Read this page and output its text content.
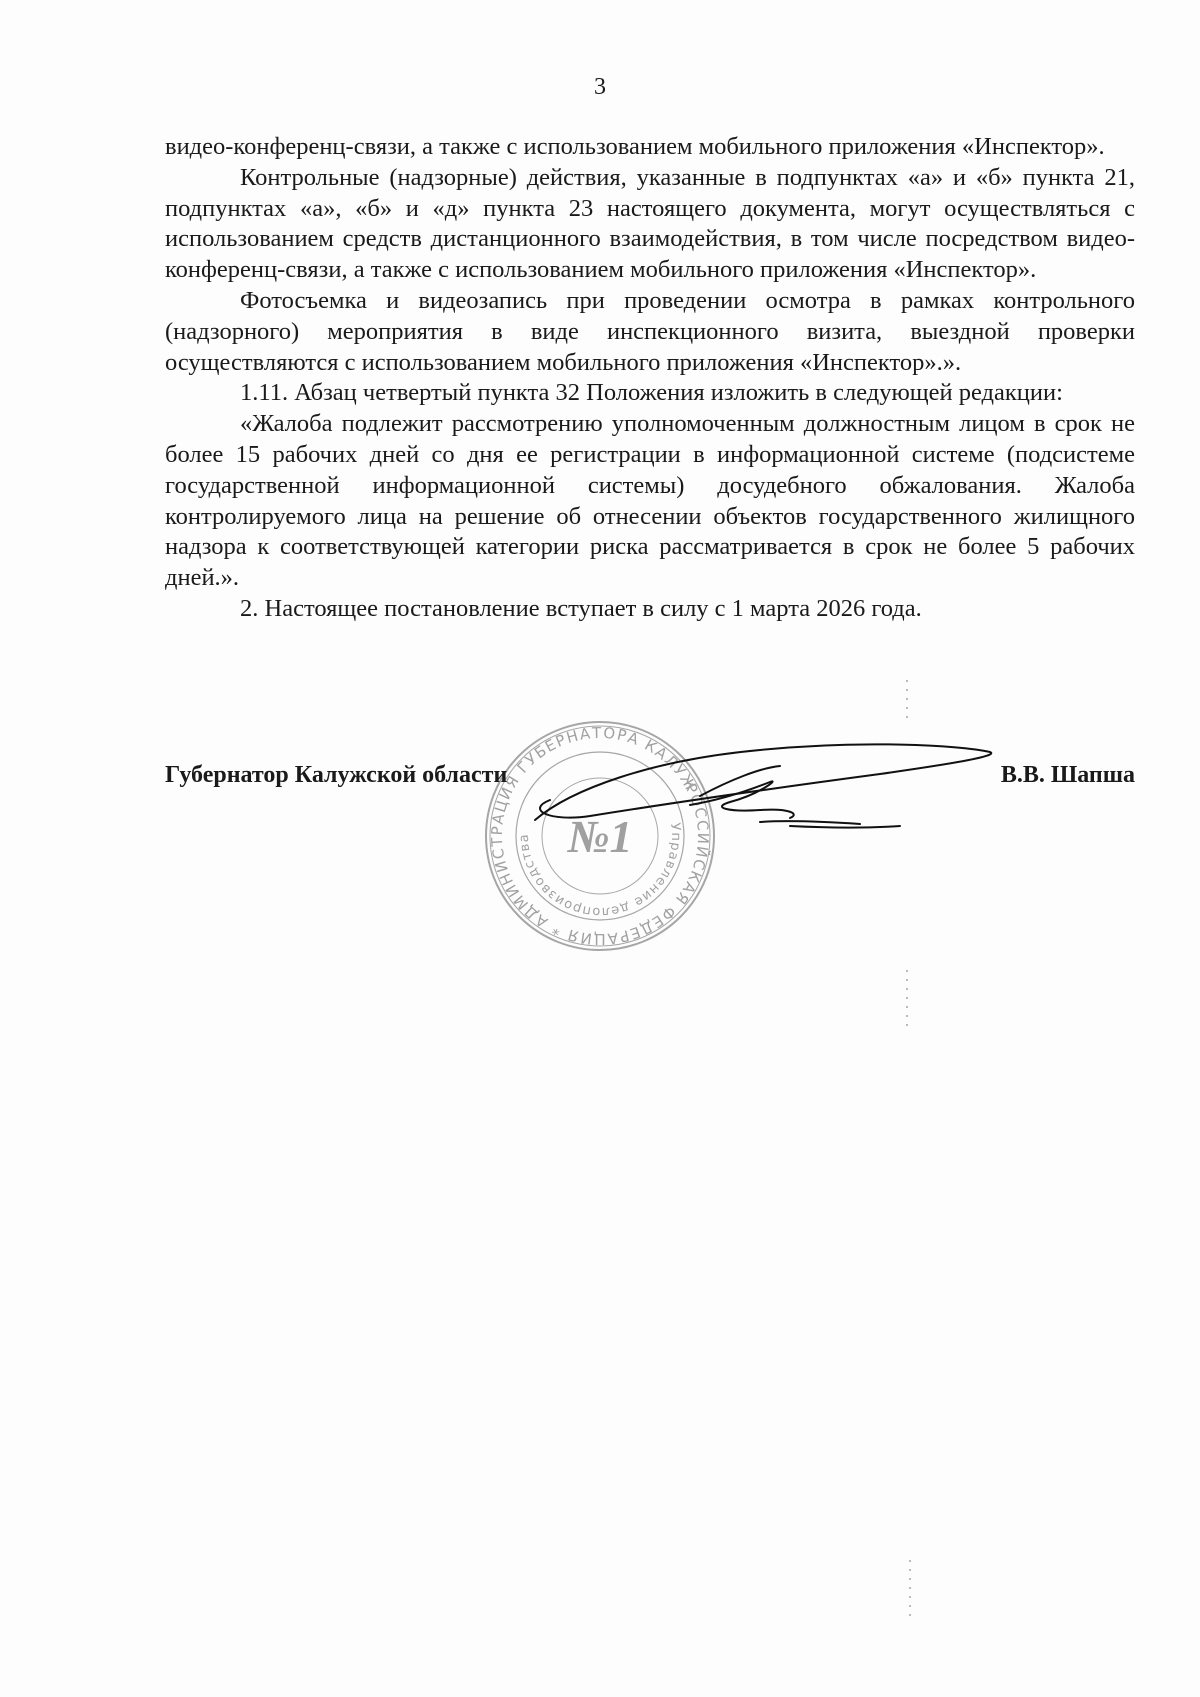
3

видео-конференц-связи, а также с использованием мобильного приложения «Инспектор».

Контрольные (надзорные) действия, указанные в подпунктах «а» и «б» пункта 21, подпунктах «а», «б» и «д» пункта 23 настоящего документа, могут осуществляться с использованием средств дистанционного взаимодействия, в том числе посредством видео-конференц-связи, а также с использованием мобильного приложения «Инспектор».

Фотосъемка и видеозапись при проведении осмотра в рамках контрольного (надзорного) мероприятия в виде инспекционного визита, выездной проверки осуществляются с использованием мобильного приложения «Инспектор».».

1.11. Абзац четвертый пункта 32 Положения изложить в следующей редакции:

«Жалоба подлежит рассмотрению уполномоченным должностным лицом в срок не более 15 рабочих дней со дня ее регистрации в информационной системе (подсистеме государственной информационной системы) досудебного обжалования. Жалоба контролируемого лица на решение об отнесении объектов государственного жилищного надзора к соответствующей категории риска рассматривается в срок не более 5 рабочих дней.».

2. Настоящее постановление вступает в силу с 1 марта 2026 года.

РОССИЙСКАЯ ФЕДЕРАЦИЯ * АДМИНИСТРАЦИЯ ГУБЕРНАТОРА КАЛУЖСКОЙ
Управление делопроизводства №1
Губернатор Калужской области	В.В. Шапша
